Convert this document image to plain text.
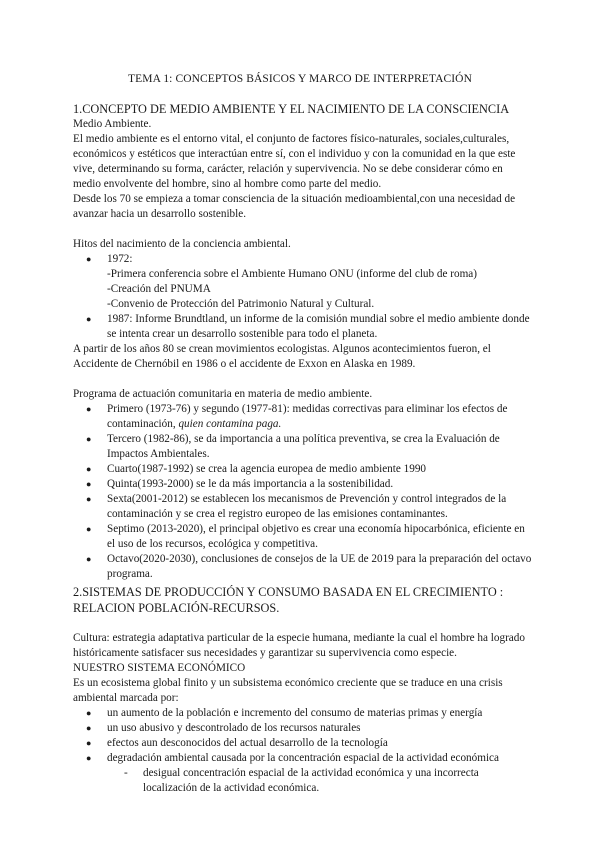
TEMA 1: CONCEPTOS BÁSICOS Y MARCO DE INTERPRETACIÓN

1.CONCEPTO DE MEDIO AMBIENTE Y EL NACIMIENTO DE LA CONSCIENCIA

Medio Ambiente.

El medio ambiente es el entorno vital, el conjunto de factores físico-naturales, sociales,culturales, económicos y estéticos que interactúan entre sí, con el individuo y con la comunidad en la que este vive, determinando su forma, carácter, relación y supervivencia. No se debe considerar cómo en medio envolvente del hombre, sino al hombre como parte del medio.

Desde los 70 se empieza a tomar consciencia de la situación medioambiental,con una necesidad de avanzar hacia un desarrollo sostenible.

Hitos del nacimiento de la conciencia ambiental.

● 1972:
-Primera conferencia sobre el Ambiente Humano ONU (informe del club de roma)
-Creación del PNUMA
-Convenio de Protección del Patrimonio Natural y Cultural.
● 1987: Informe Brundtland, un informe de la comisión mundial sobre el medio ambiente donde se intenta crear un desarrollo sostenible para todo el planeta.

A partir de los años 80 se crean movimientos ecologistas. Algunos acontecimientos fueron, el Accidente de Chernóbil en 1986 o el accidente de Exxon en Alaska en 1989.

Programa de actuación comunitaria en materia de medio ambiente.

● Primero (1973-76) y segundo (1977-81): medidas correctivas para eliminar los efectos de contaminación, quien contamina paga.
● Tercero (1982-86), se da importancia a una política preventiva, se crea la Evaluación de Impactos Ambientales.
● Cuarto(1987-1992) se crea la agencia europea de medio ambiente 1990
● Quinta(1993-2000) se le da más importancia a la sostenibilidad.
● Sexta(2001-2012) se establecen los mecanismos de Prevención y control integrados de la contaminación y se crea el registro europeo de las emisiones contaminantes.
● Septimo (2013-2020), el principal objetivo es crear una economía hipocarbónica, eficiente en el uso de los recursos, ecológica y competitiva.
● Octavo(2020-2030), conclusiones de consejos de la UE de 2019 para la preparación del octavo programa.

2.SISTEMAS DE PRODUCCIÓN Y CONSUMO BASADA EN EL CRECIMIENTO : RELACION POBLACIÓN-RECURSOS.

Cultura: estrategia adaptativa particular de la especie humana, mediante la cual el hombre ha logrado históricamente satisfacer sus necesidades y garantizar su supervivencia como especie.

NUESTRO SISTEMA ECONÓMICO

Es un ecosistema global finito y un subsistema económico creciente que se traduce en una crisis ambiental marcada por:

● un aumento de la población e incremento del consumo de materias primas y energía
● un uso abusivo y descontrolado de los recursos naturales
● efectos aun desconocidos del actual desarrollo de la tecnología
● degradación ambiental causada por la concentración espacial de la actividad económica
- desigual concentración espacial de la actividad económica y una incorrecta localización de la actividad económica.
